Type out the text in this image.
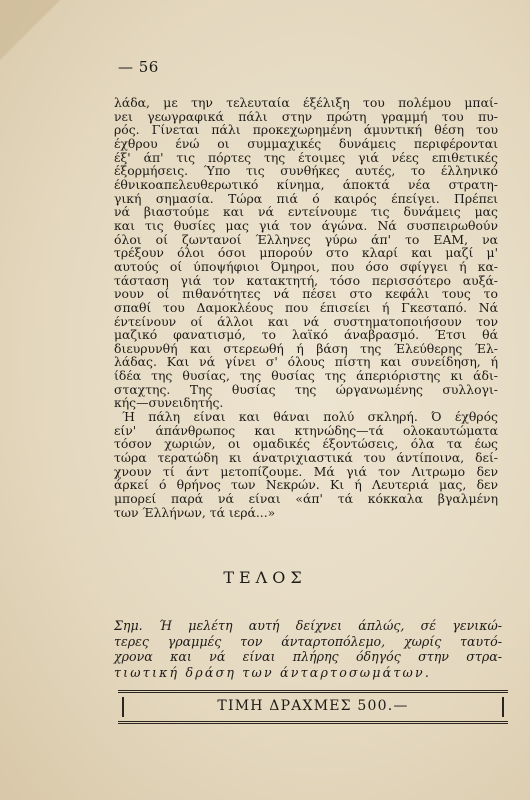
— 56
λάδα, με την τελευταία έξέλιξη του πολέμου μπαί-
νει γεωγραφικά πάλι στην πρώτη γραμμή του πυ-
ρός. Γίνεται πάλι προκεχωρημένη άμυντική θέση του
έχθρου ένώ οι συμμαχικές δυνάμεις περιφέρονται
έξ' άπ' τις πόρτες της έτοιμες γιά νέες επιθετικές
έξορμήσεις. Ύπο τις συνθήκες αυτές, το έλληνικό
έθνικοαπελευθερωτικό κίνημα, άποκτά νέα στρατη-
γική σημασία. Τώρα πιά ό καιρός έπείγει. Πρέπει
νά βιαστούμε και νά εντείνουμε τις δυνάμεις μας
και τις θυσίες μας γιά τον άγώνα. Νά συσπειρωθούν
όλοι οί ζωντανοί Έλληνες γύρω άπ' το ΕΑΜ, να
τρέξουν όλοι όσοι μπορούν στο κλαρί και μαζί μ'
αυτούς οί ύποψήφιοι Όμηροι, που όσο σφίγγει ή κα-
τάσταση γιά τον κατακτητή, τόσο περισσότερο αυξά-
νουν οί πιθανότητες νά πέσει στο κεφάλι τους το
σπαθί του Δαμοκλέους που έπισείει ή Γκεσταπό. Νά
έντείνουν οί άλλοι και νά συστηματοποιήσουν τον
μαζικό φανατισμό, το λαϊκό άναβρασμό. Έτσι θά
διευρυνθή και στερεωθή ή βάση της Έλεύθερης Έλ-
λάδας. Και νά γίνει σ' όλους πίστη και συνείδηση, ή
ίδέα της θυσίας, της θυσίας της άπεριόριστης κι άδι-
σταχτης. Της θυσίας της ώργανωμένης συλλογι-
κής—συνειδητής.
Ή πάλη είναι και θάναι πολύ σκληρή. Ό έχθρός
είν' άπάνθρωπος και κτηνώδης—τά ολοκαυτώματα
τόσον χωριών, οι ομαδικές έξοντώσεις, όλα τα έως
τώρα τερατώδη κι άνατριχιαστικά του άντίποινα, δεί-
χνουν τί άντ μετοπίζουμε. Μά γιά τον Λιτρωμο δεν
άρκεί ό θρήνος των Νεκρών. Κι ή Λευτεριά μας, δεν
μπορεί παρά νά είναι «άπ' τά κόκκαλα βγαλμένη
των Έλλήνων, τά ιερά...»
ΤΕΛΟΣ
Σημ. Ή μελέτη αυτή δείχνει άπλώς, σέ γενικώ-
τερες γραμμές τον άνταρτοπόλεμο, χωρίς ταυτό-
χρονα και νά είναι πλήρης όδηγός στην στρα-
τιωτική δράση των άνταρτοσωμάτων.
ΤΙΜΗ ΔΡΑΧΜΕΣ 500.—
